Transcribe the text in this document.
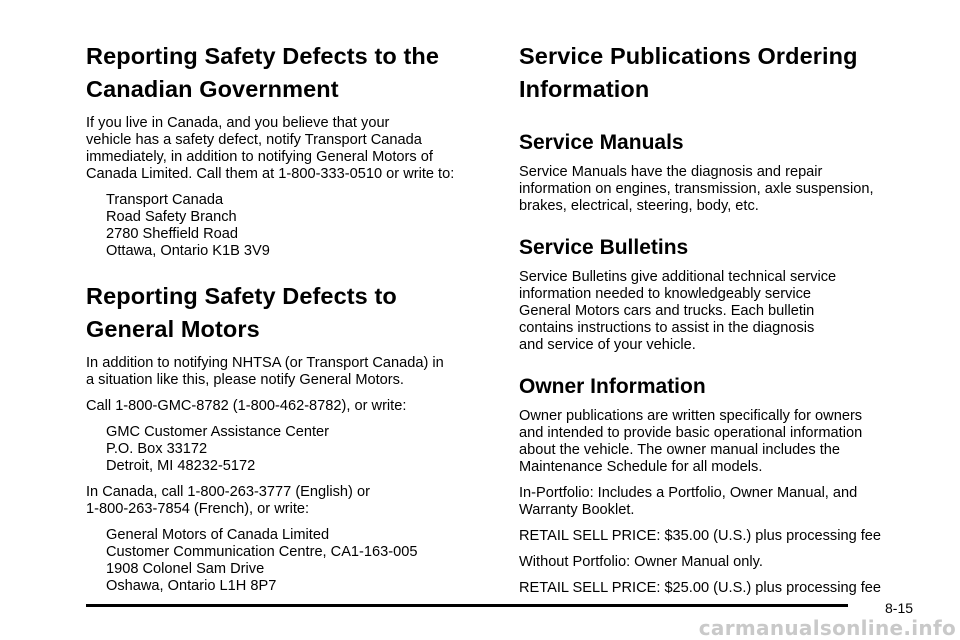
Reporting Safety Defects to the
Canadian Government

If you live in Canada, and you believe that your
vehicle has a safety defect, notify Transport Canada
immediately, in addition to notifying General Motors of
Canada Limited. Call them at 1-800-333-0510 or write to:

Transport Canada
Road Safety Branch
2780 Sheffield Road
Ottawa, Ontario K1B 3V9
Reporting Safety Defects to
General Motors

In addition to notifying NHTSA (or Transport Canada) in
a situation like this, please notify General Motors.

Call 1-800-GMC-8782 (1-800-462-8782), or write:

GMC Customer Assistance Center
P.O. Box 33172
Detroit, MI 48232-5172

In Canada, call 1-800-263-3777 (English) or
1-800-263-7854 (French), or write:

General Motors of Canada Limited
Customer Communication Centre, CA1-163-005
1908 Colonel Sam Drive
Oshawa, Ontario L1H 8P7
Service Publications Ordering
Information
Service Manuals

Service Manuals have the diagnosis and repair
information on engines, transmission, axle suspension,
brakes, electrical, steering, body, etc.

Service Bulletins

Service Bulletins give additional technical service
information needed to knowledgeably service
General Motors cars and trucks. Each bulletin
contains instructions to assist in the diagnosis
and service of your vehicle.

Owner Information

Owner publications are written specifically for owners
and intended to provide basic operational information
about the vehicle. The owner manual includes the
Maintenance Schedule for all models.

In-Portfolio: Includes a Portfolio, Owner Manual, and
Warranty Booklet.

RETAIL SELL PRICE: $35.00 (U.S.) plus processing fee

Without Portfolio: Owner Manual only.

RETAIL SELL PRICE: $25.00 (U.S.) plus processing fee

8-15
carmanualsonline.info
